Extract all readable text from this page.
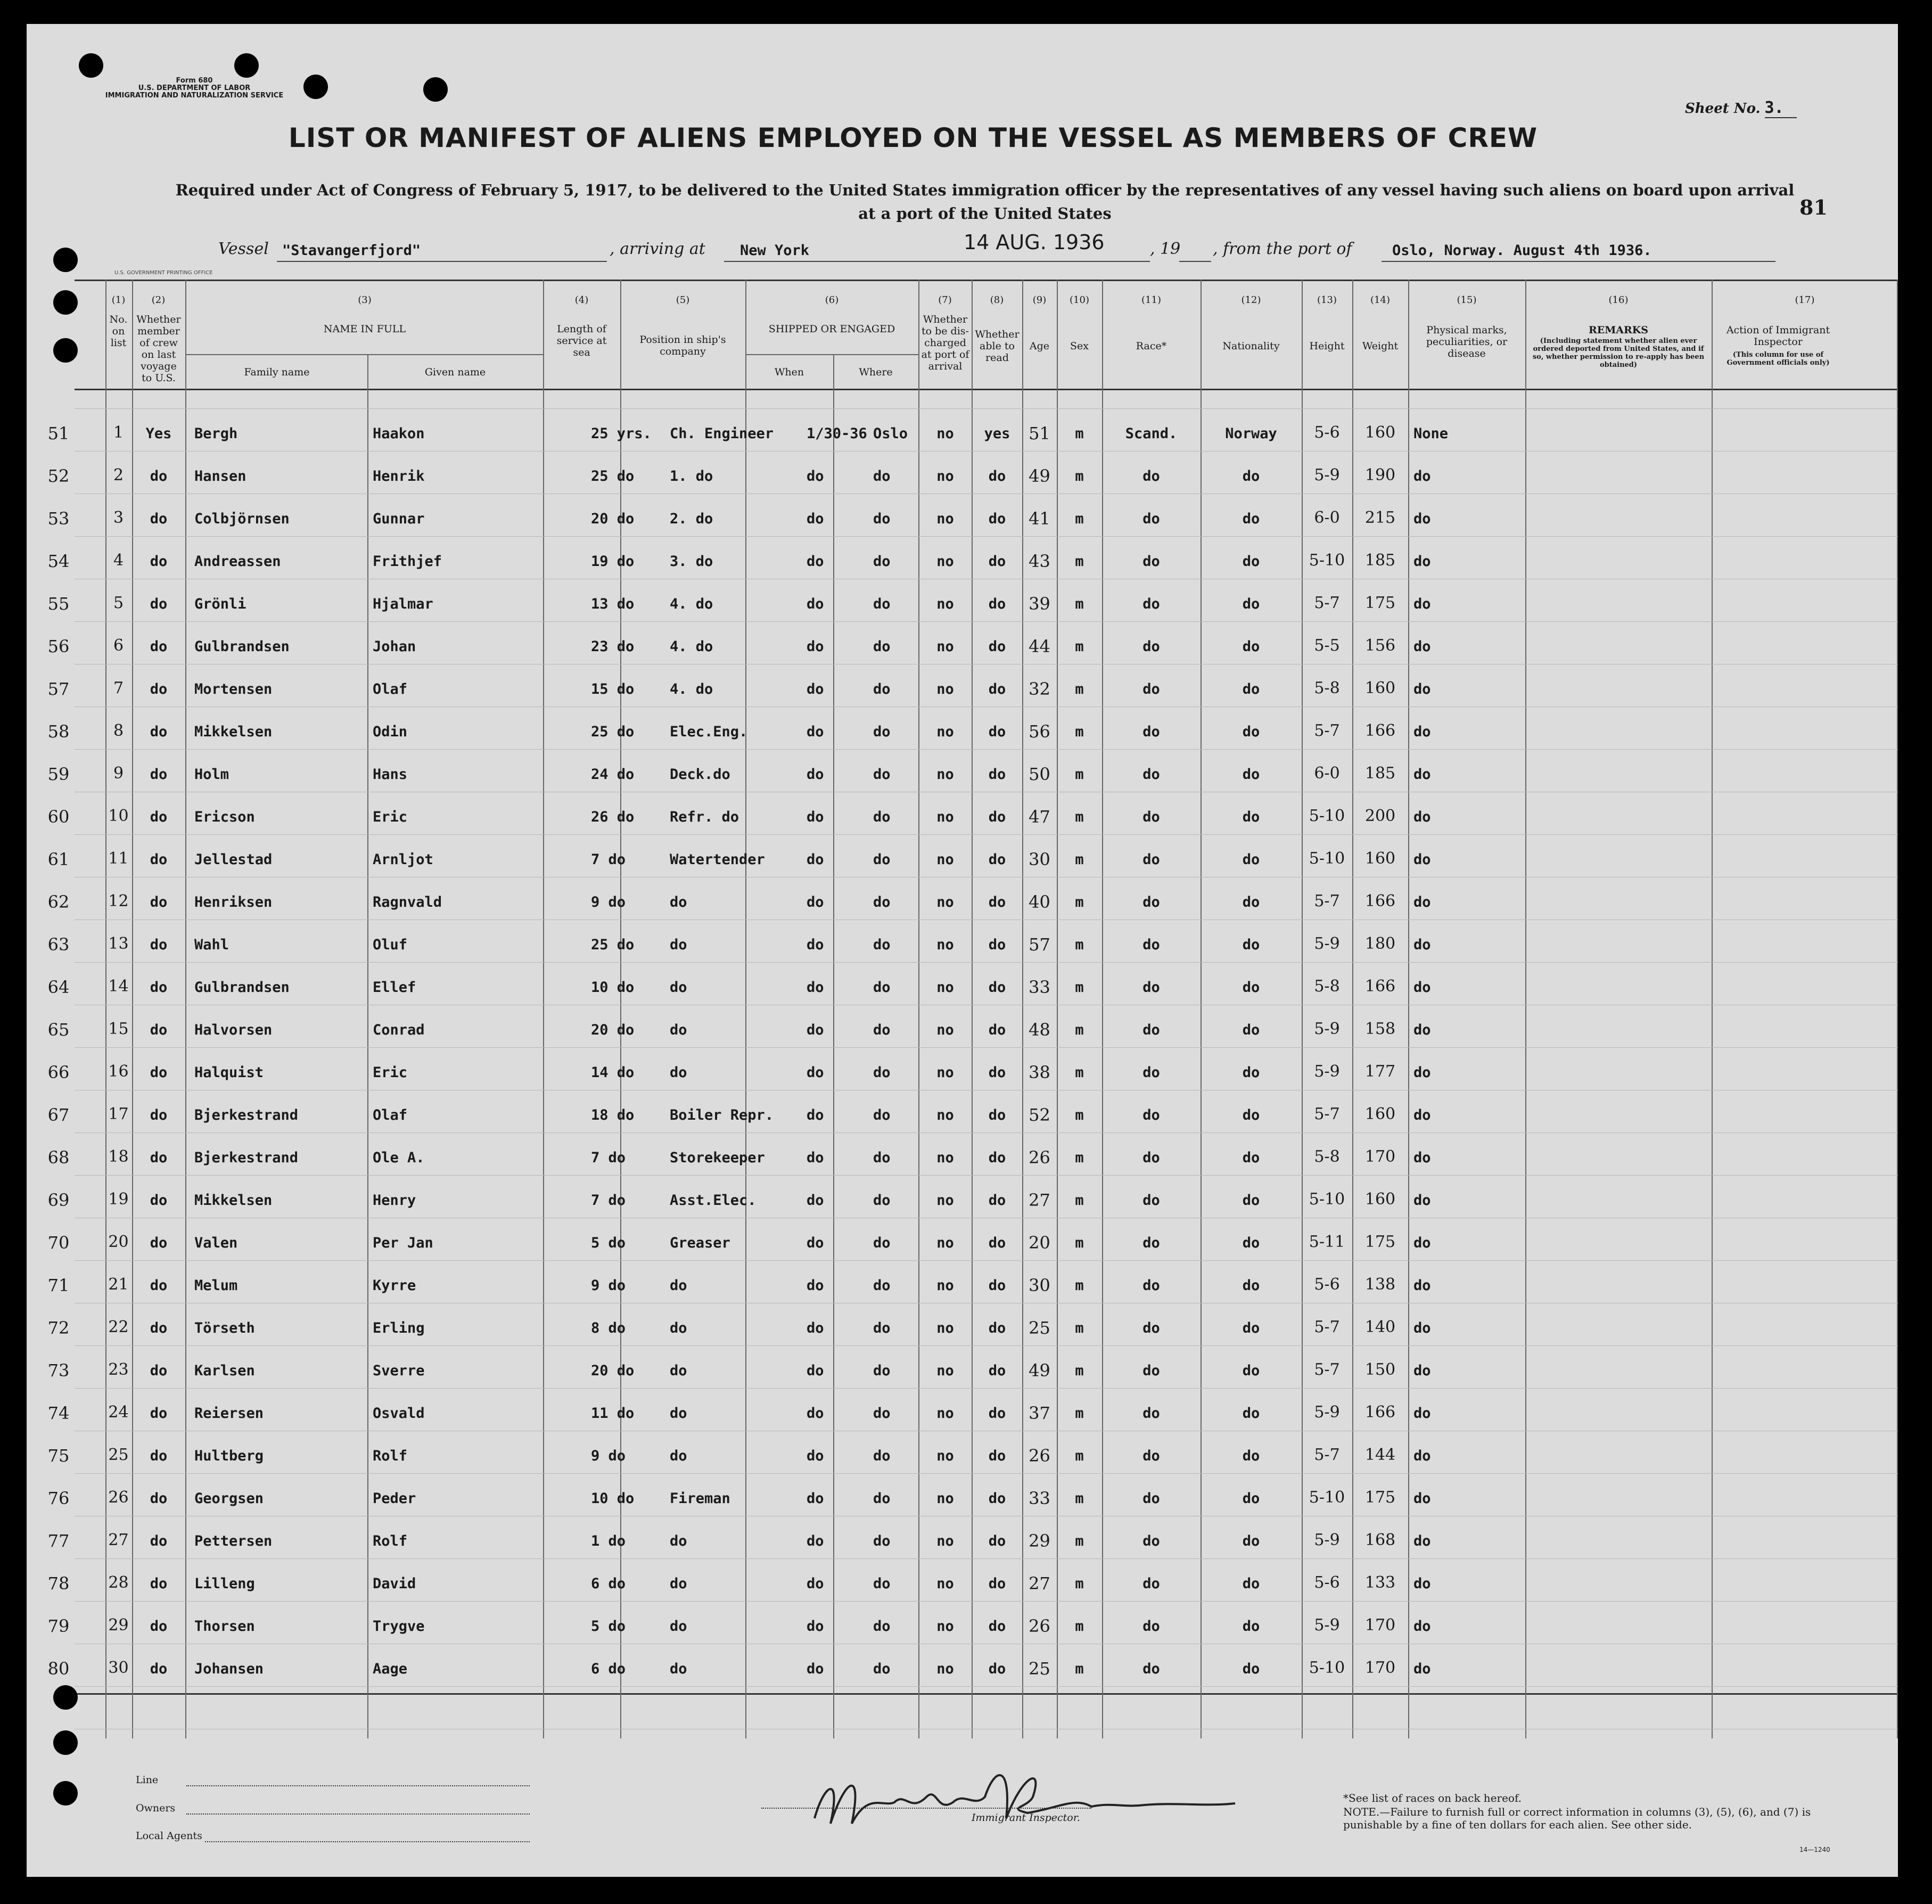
Form 680
U.S. DEPARTMENT OF LABOR
IMMIGRATION AND NATURALIZATION SERVICE
Sheet No. 3.
LIST OR MANIFEST OF ALIENS EMPLOYED ON THE VESSEL AS MEMBERS OF CREW
Required under Act of Congress of February 5, 1917, to be delivered to the United States immigration officer by the representatives of any vessel having such aliens on board upon arrival at a port of the United States	81
Vessel "Stavangerfjord"	, arriving at New York	14 AUG. 1936	, 19 , from the port of	Oslo, Norway. August 4th 1936.
U.S. GOVERNMENT PRINTING OFFICE
(1)
No. on list
(2)
Whether member of crew on last voyage to U.S.
(3)
NAME IN FULL
Family name	Given name
(4)
Length of service at sea
(5)
Position in ship's company
(6)
SHIPPED OR ENGAGED
When	Where
(7)
Whether to be dis-charged at port of arrival
(8)
Whether able to read
(9)
Age
(10)
Sex
(11)
Race*
(12)
Nationality
(13)
Height
(14)
Weight
(15)
Physical marks, peculiarities, or disease
(16)
REMARKS
(Including statement whether alien ever ordered deported from United States, and if so, whether permission to re-apply has been obtained)
(17)
Action of Immigrant Inspector
(This column for use of Government officials only)
51	1	Yes	Bergh	Haakon	25 yrs.	Ch. Engineer	1/30-36 Oslo	no	yes	51	m	Scand.	Norway	5-6	160	None
52	2	do	Hansen	Henrik	25 do	1. do	do	do	no	do	49	m	do	do	5-9	190	do
53	3	do	Colbjörnsen	Gunnar	20 do	2. do	do	do	no	do	41	m	do	do	6-0	215	do
54	4	do	Andreassen	Frithjef	19 do	3. do	do	do	no	do	43	m	do	do	5-10	185	do
55	5	do	Grönli	Hjalmar	13 do	4. do	do	do	no	do	39	m	do	do	5-7	175	do
56	6	do	Gulbrandsen	Johan	23 do	4. do	do	do	no	do	44	m	do	do	5-5	156	do
57	7	do	Mortensen	Olaf	15 do	4. do	do	do	no	do	32	m	do	do	5-8	160	do
58	8	do	Mikkelsen	Odin	25 do	Elec.Eng.	do	do	no	do	56	m	do	do	5-7	166	do
59	9	do	Holm	Hans	24 do	Deck.do	do	do	no	do	50	m	do	do	6-0	185	do
60	10	do	Ericson	Eric	26 do	Refr. do	do	do	no	do	47	m	do	do	5-10	200	do
61	11	do	Jellestad	Arnljot	7 do	Watertender	do	do	no	do	30	m	do	do	5-10	160	do
62	12	do	Henriksen	Ragnvald	9 do	do	do	do	no	do	40	m	do	do	5-7	166	do
63	13	do	Wahl	Oluf	25 do	do	do	do	no	do	57	m	do	do	5-9	180	do
64	14	do	Gulbrandsen	Ellef	10 do	do	do	do	no	do	33	m	do	do	5-8	166	do
65	15	do	Halvorsen	Conrad	20 do	do	do	do	no	do	48	m	do	do	5-9	158	do
66	16	do	Halquist	Eric	14 do	do	do	do	no	do	38	m	do	do	5-9	177	do
67	17	do	Bjerkestrand	Olaf	18 do	Boiler Repr.	do	do	no	do	52	m	do	do	5-7	160	do
68	18	do	Bjerkestrand	Ole A.	7 do	Storekeeper	do	do	no	do	26	m	do	do	5-8	170	do
69	19	do	Mikkelsen	Henry	7 do	Asst.Elec.	do	do	no	do	27	m	do	do	5-10	160	do
70	20	do	Valen	Per Jan	5 do	Greaser	do	do	no	do	20	m	do	do	5-11	175	do
71	21	do	Melum	Kyrre	9 do	do	do	do	no	do	30	m	do	do	5-6	138	do
72	22	do	Törseth	Erling	8 do	do	do	do	no	do	25	m	do	do	5-7	140	do
73	23	do	Karlsen	Sverre	20 do	do	do	do	no	do	49	m	do	do	5-7	150	do
74	24	do	Reiersen	Osvald	11 do	do	do	do	no	do	37	m	do	do	5-9	166	do
75	25	do	Hultberg	Rolf	9 do	do	do	do	no	do	26	m	do	do	5-7	144	do
76	26	do	Georgsen	Peder	10 do	Fireman	do	do	no	do	33	m	do	do	5-10	175	do
77	27	do	Pettersen	Rolf	1 do	do	do	do	no	do	29	m	do	do	5-9	168	do
78	28	do	Lilleng	David	6 do	do	do	do	no	do	27	m	do	do	5-6	133	do
79	29	do	Thorsen	Trygve	5 do	do	do	do	no	do	26	m	do	do	5-9	170	do
80	30	do	Johansen	Aage	6 do	do	do	do	no	do	25	m	do	do	5-10	170	do
Line
Owners
Local Agents
Immigrant Inspector.
*See list of races on back hereof.
NOTE.—Failure to furnish full or correct information in columns (3), (5), (6), and (7) is punishable by a fine of ten dollars for each alien. See other side.
14—1240
